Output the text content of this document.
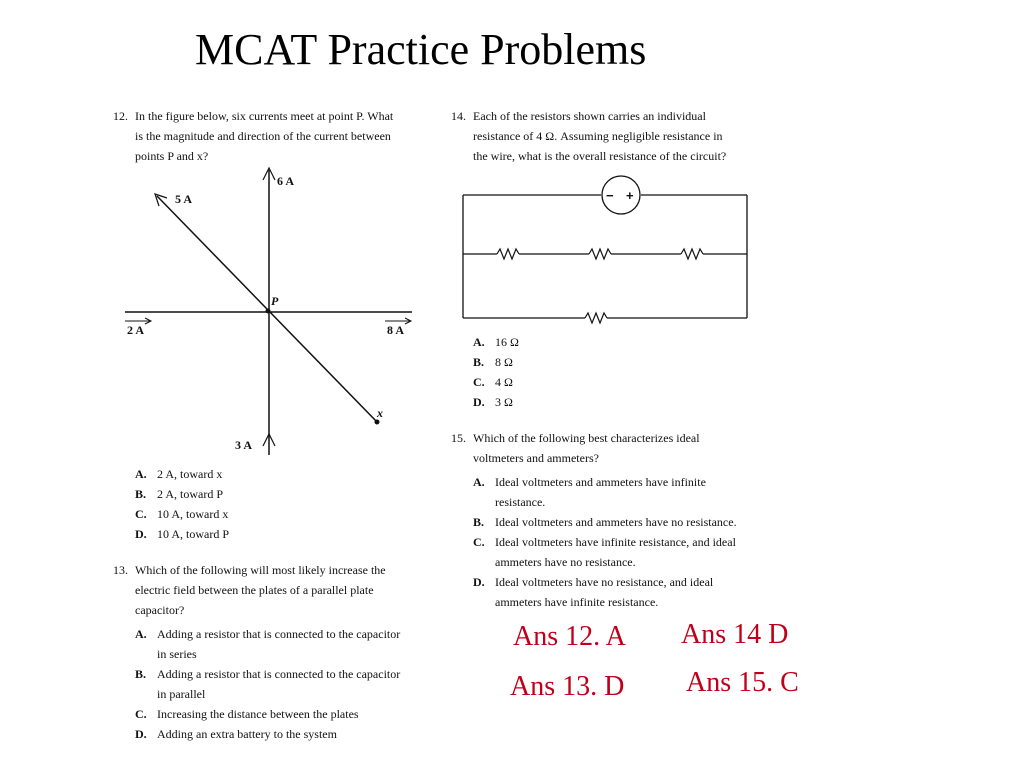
MCAT Practice Problems
12. In the figure below, six currents meet at point P. What
is the magnitude and direction of the current between
points P and x?
6 A
5 A
2 A	8 A
3 A
P
x
A. 2 A, toward x
B. 2 A, toward P
C. 10 A, toward x
D. 10 A, toward P
13. Which of the following will most likely increase the
electric field between the plates of a parallel plate
capacitor?
A. Adding a resistor that is connected to the capacitor
in series
B. Adding a resistor that is connected to the capacitor
in parallel
C. Increasing the distance between the plates
D. Adding an extra battery to the system
14. Each of the resistors shown carries an individual
resistance of 4 Ω. Assuming negligible resistance in
the wire, what is the overall resistance of the circuit?
− +
A. 16 Ω
B. 8 Ω
C. 4 Ω
D. 3 Ω
15. Which of the following best characterizes ideal
voltmeters and ammeters?
A. Ideal voltmeters and ammeters have infinite
resistance.
B. Ideal voltmeters and ammeters have no resistance.
C. Ideal voltmeters have infinite resistance, and ideal
ammeters have no resistance.
D. Ideal voltmeters have no resistance, and ideal
ammeters have infinite resistance.
Ans 12. A Ans 14 D
Ans 13. D Ans 15. C
